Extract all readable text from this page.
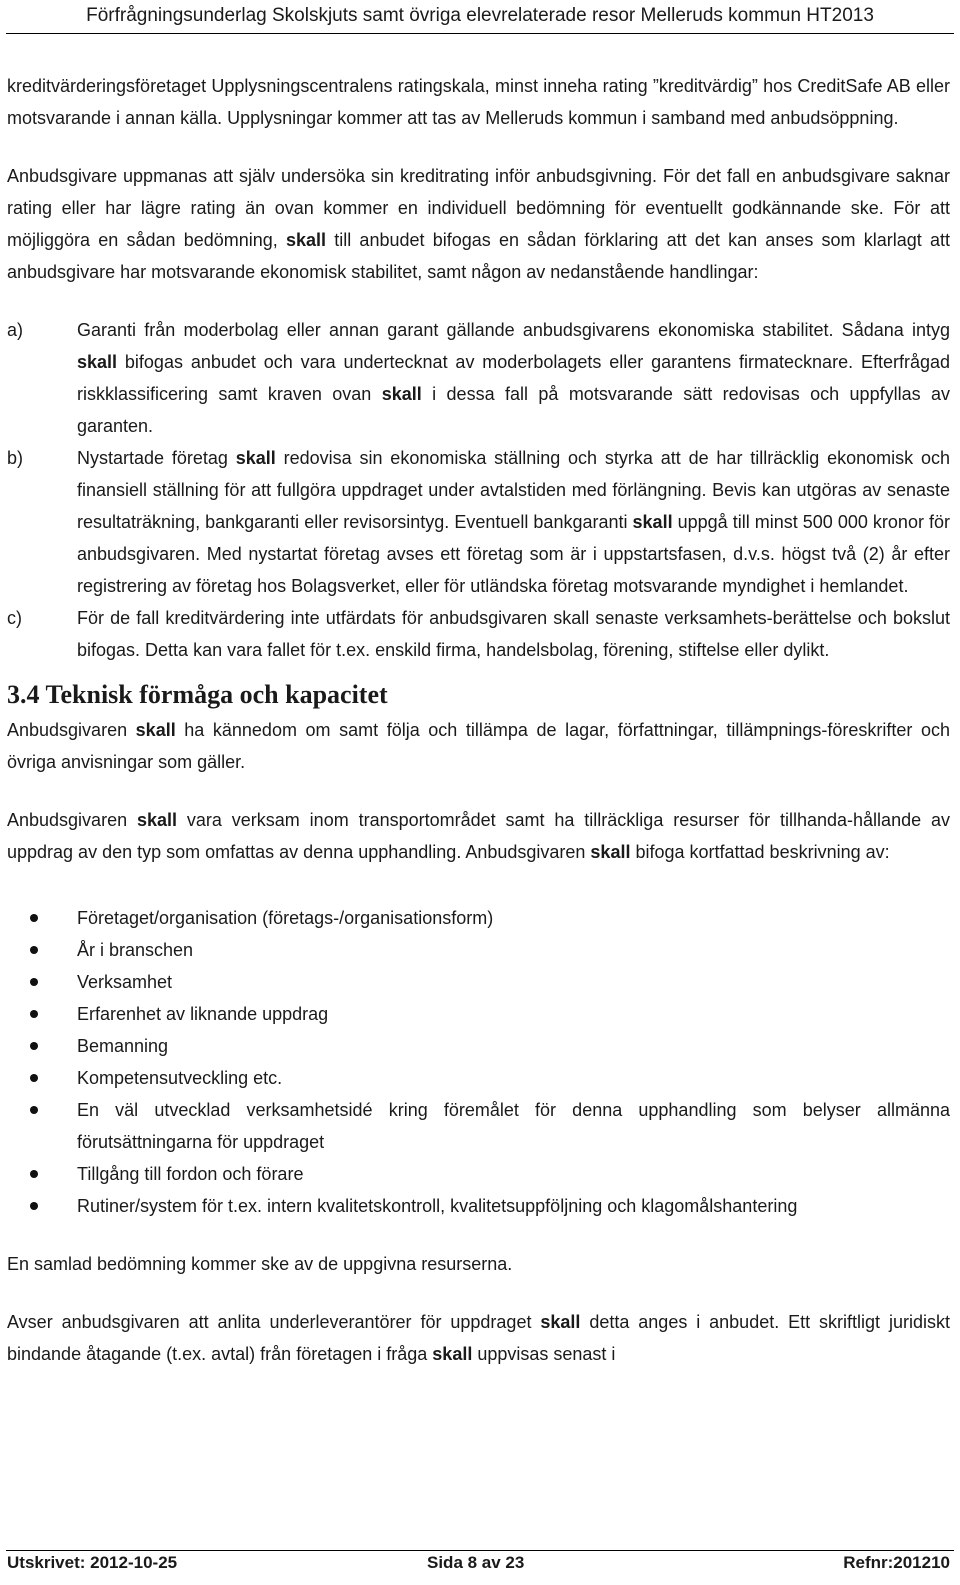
Förfrågningsunderlag Skolskjuts samt övriga elevrelaterade resor Melleruds kommun HT2013

kreditvärderingsföretaget Upplysningscentralens ratingskala, minst inneha rating ”kreditvärdig” hos CreditSafe AB eller motsvarande i annan källa. Upplysningar kommer att tas av Melleruds kommun i samband med anbudsöppning.

Anbudsgivare uppmanas att själv undersöka sin kreditrating inför anbudsgivning. För det fall en anbudsgivare saknar rating eller har lägre rating än ovan kommer en individuell bedömning för eventuellt godkännande ske. För att möjliggöra en sådan bedömning, skall till anbudet bifogas en sådan förklaring att det kan anses som klarlagt att anbudsgivare har motsvarande ekonomisk stabilitet, samt någon av nedanstående handlingar:

a)	Garanti från moderbolag eller annan garant gällande anbudsgivarens ekonomiska stabilitet. Sådana intyg skall bifogas anbudet och vara undertecknat av moderbolagets eller garantens firmatecknare. Efterfrågad riskklassificering samt kraven ovan skall i dessa fall på motsvarande sätt redovisas och uppfyllas av garanten.
b)	Nystartade företag skall redovisa sin ekonomiska ställning och styrka att de har tillräcklig ekonomisk och finansiell ställning för att fullgöra uppdraget under avtalstiden med förlängning. Bevis kan utgöras av senaste resultaträkning, bankgaranti eller revisorsintyg. Eventuell bankgaranti skall uppgå till minst 500 000 kronor för anbudsgivaren. Med nystartat företag avses ett företag som är i uppstartsfasen, d.v.s. högst två (2) år efter registrering av företag hos Bolagsverket, eller för utländska företag motsvarande myndighet i hemlandet.
c)	För de fall kreditvärdering inte utfärdats för anbudsgivaren skall senaste verksamhets-berättelse och bokslut bifogas. Detta kan vara fallet för t.ex. enskild firma, handelsbolag, förening, stiftelse eller dylikt.
3.4 Teknisk förmåga och kapacitet

Anbudsgivaren skall ha kännedom om samt följa och tillämpa de lagar, författningar, tillämpnings-föreskrifter och övriga anvisningar som gäller.

Anbudsgivaren skall vara verksam inom transportområdet samt ha tillräckliga resurser för tillhanda-hållande av uppdrag av den typ som omfattas av denna upphandling. Anbudsgivaren skall bifoga kortfattad beskrivning av:

Företaget/organisation (företags-/organisationsform)
År i branschen
Verksamhet
Erfarenhet av liknande uppdrag
Bemanning
Kompetensutveckling etc.
En väl utvecklad verksamhetsidé kring föremålet för denna upphandling som belyser allmänna förutsättningarna för uppdraget
Tillgång till fordon och förare
Rutiner/system för t.ex. intern kvalitetskontroll, kvalitetsuppföljning och klagomålshantering

En samlad bedömning kommer ske av de uppgivna resurserna.

Avser anbudsgivaren att anlita underleverantörer för uppdraget skall detta anges i anbudet. Ett skriftligt juridiskt bindande åtagande (t.ex. avtal) från företagen i fråga skall uppvisas senast i

Utskrivet: 2012-10-25	Sida 8 av 23	Refnr:201210
